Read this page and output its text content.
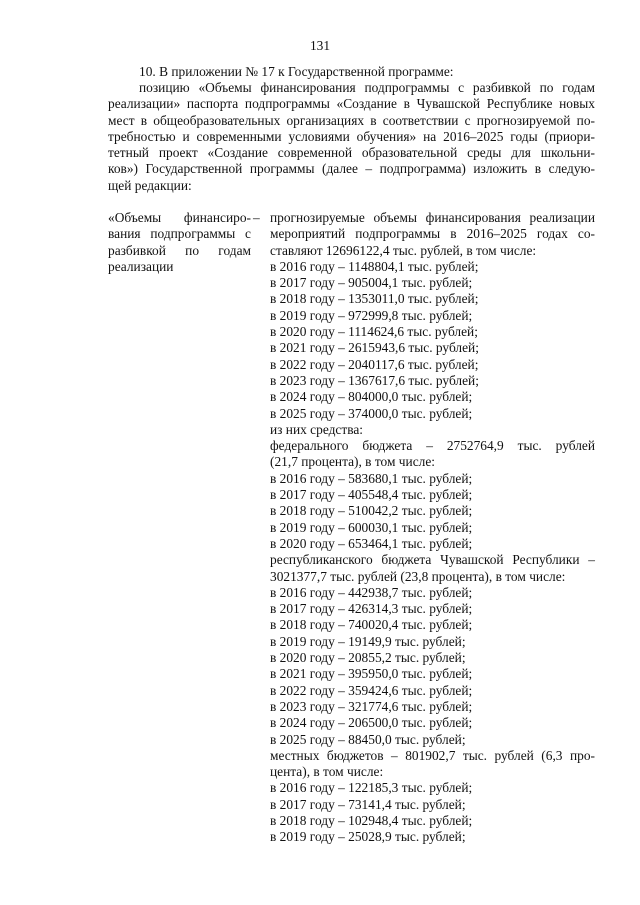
131
10. В приложении № 17 к Государственной программе:
позицию «Объемы финансирования подпрограммы с разбивкой по годам
реализации» паспорта подпрограммы «Создание в Чувашской Республике новых
мест в общеобразовательных организациях в соответствии с прогнозируемой по-
требностью и современными условиями обучения» на 2016–2025 годы (приори-
тетный проект «Создание современной образовательной среды для школьни-
ков») Государственной программы (далее – подпрограмма) изложить в следую-
щей редакции:
«Объемы финансиро-
вания подпрограммы с
разбивкой по годам
реализации
– прогнозируемые объемы финансирования реализации
мероприятий подпрограммы в 2016–2025 годах со-
ставляют 12696122,4 тыс. рублей, в том числе:
в 2016 году – 1148804,1 тыс. рублей;
в 2017 году – 905004,1 тыс. рублей;
в 2018 году – 1353011,0 тыс. рублей;
в 2019 году – 972999,8 тыс. рублей;
в 2020 году – 1114624,6 тыс. рублей;
в 2021 году – 2615943,6 тыс. рублей;
в 2022 году – 2040117,6 тыс. рублей;
в 2023 году – 1367617,6 тыс. рублей;
в 2024 году – 804000,0 тыс. рублей;
в 2025 году – 374000,0 тыс. рублей;
из них средства:
федерального бюджета – 2752764,9 тыс. рублей
(21,7 процента), в том числе:
в 2016 году – 583680,1 тыс. рублей;
в 2017 году – 405548,4 тыс. рублей;
в 2018 году – 510042,2 тыс. рублей;
в 2019 году – 600030,1 тыс. рублей;
в 2020 году – 653464,1 тыс. рублей;
республиканского бюджета Чувашской Республики –
3021377,7 тыс. рублей (23,8 процента), в том числе:
в 2016 году – 442938,7 тыс. рублей;
в 2017 году – 426314,3 тыс. рублей;
в 2018 году – 740020,4 тыс. рублей;
в 2019 году – 19149,9 тыс. рублей;
в 2020 году – 20855,2 тыс. рублей;
в 2021 году – 395950,0 тыс. рублей;
в 2022 году – 359424,6 тыс. рублей;
в 2023 году – 321774,6 тыс. рублей;
в 2024 году – 206500,0 тыс. рублей;
в 2025 году – 88450,0 тыс. рублей;
местных бюджетов – 801902,7 тыс. рублей (6,3 про-
цента), в том числе:
в 2016 году – 122185,3 тыс. рублей;
в 2017 году – 73141,4 тыс. рублей;
в 2018 году – 102948,4 тыс. рублей;
в 2019 году – 25028,9 тыс. рублей;
